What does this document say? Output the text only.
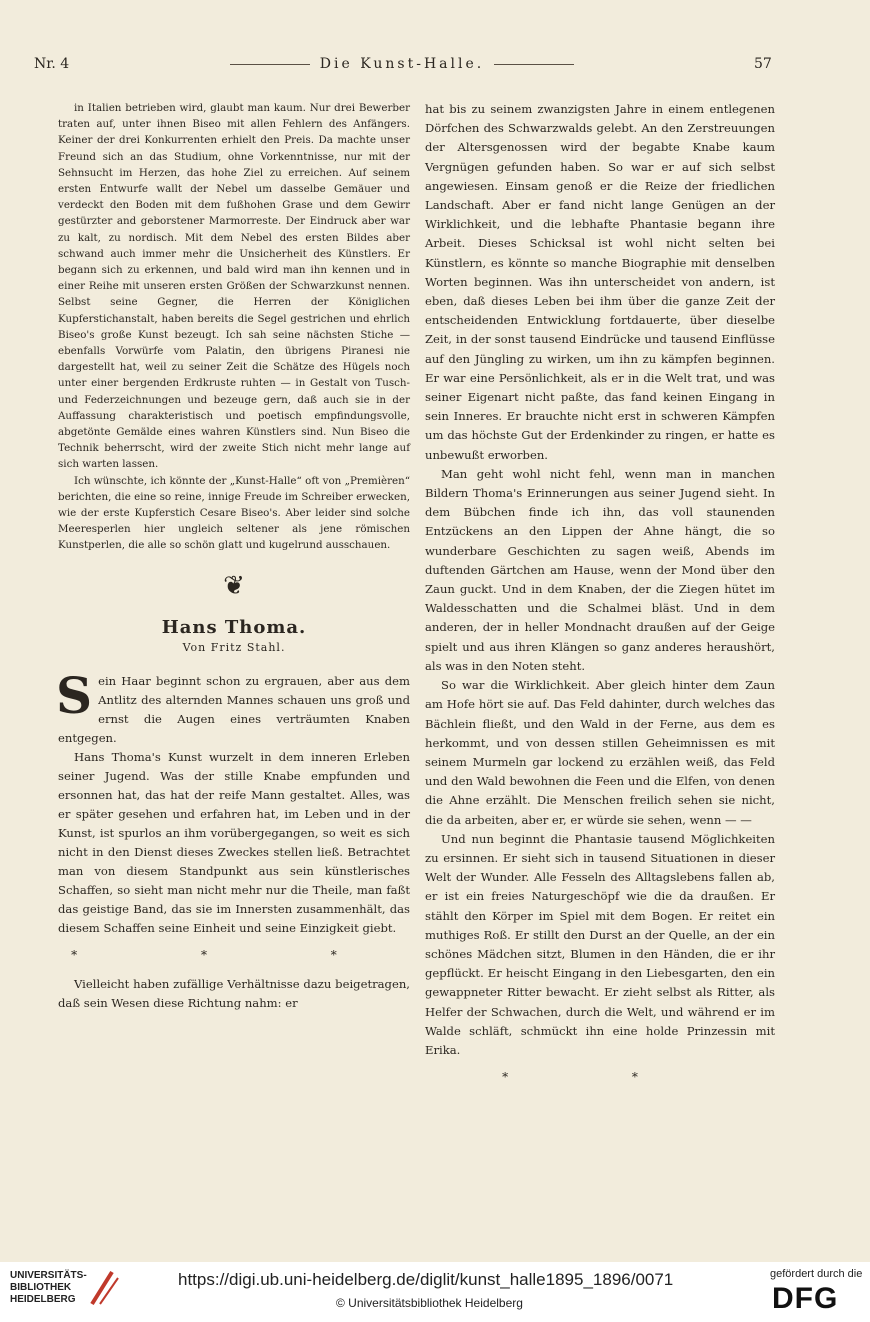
Nr. 4	Die Kunst-Halle.	57

in Italien betrieben wird, glaubt man kaum. Nur drei Bewerber traten auf, unter ihnen Biseo mit allen Fehlern des Anfängers. Keiner der drei Konkurrenten erhielt den Preis. Da machte unser Freund sich an das Studium, ohne Vorkenntnisse, nur mit der Sehnsucht im Herzen, das hohe Ziel zu erreichen. Auf seinem ersten Entwurfe wallt der Nebel um dasselbe Gemäuer und verdeckt den Boden mit dem fußhohen Grase und dem Gewirr gestürzter and geborstener Marmorreste. Der Eindruck aber war zu kalt, zu nordisch. Mit dem Nebel des ersten Bildes aber schwand auch immer mehr die Unsicherheit des Künstlers. Er begann sich zu erkennen, und bald wird man ihn kennen und in einer Reihe mit unseren ersten Größen der Schwarzkunst nennen. Selbst seine Gegner, die Herren der Königlichen Kupferstichanstalt, haben bereits die Segel gestrichen und ehrlich Biseo's große Kunst bezeugt. Ich sah seine nächsten Stiche — ebenfalls Vorwürfe vom Palatin, den übrigens Piranesi nie dargestellt hat, weil zu seiner Zeit die Schätze des Hügels noch unter einer bergenden Erdkruste ruhten — in Gestalt von Tusch- und Federzeichnungen und bezeuge gern, daß auch sie in der Auffassung charakteristisch und poetisch empfindungsvolle, abgetönte Gemälde eines wahren Künstlers sind. Nun Biseo die Technik beherrscht, wird der zweite Stich nicht mehr lange auf sich warten lassen.

Ich wünschte, ich könnte der „Kunst-Halle“ oft von „Premièren“ berichten, die eine so reine, innige Freude im Schreiber erwecken, wie der erste Kupferstich Cesare Biseo's. Aber leider sind solche Meeresperlen hier ungleich seltener als jene römischen Kunstperlen, die alle so schön glatt und kugelrund ausschauen.

❦
Hans Thoma.
Von Fritz Stahl.

Sein Haar beginnt schon zu ergrauen, aber aus dem Antlitz des alternden Mannes schauen uns groß und ernst die Augen eines verträumten Knaben entgegen.

Hans Thoma's Kunst wurzelt in dem inneren Erleben seiner Jugend. Was der stille Knabe empfunden und ersonnen hat, das hat der reife Mann gestaltet. Alles, was er später gesehen und erfahren hat, im Leben und in der Kunst, ist spurlos an ihm vorübergegangen, so weit es sich nicht in den Dienst dieses Zweckes stellen ließ. Betrachtet man von diesem Standpunkt aus sein künstlerisches Schaffen, so sieht man nicht mehr nur die Theile, man faßt das geistige Band, das sie im Innersten zusammenhält, das diesem Schaffen seine Einheit und seine Einzigkeit giebt.

* * *

Vielleicht haben zufällige Verhältnisse dazu beigetragen, daß sein Wesen diese Richtung nahm: er

hat bis zu seinem zwanzigsten Jahre in einem entlegenen Dörfchen des Schwarzwalds gelebt. An den Zerstreuungen der Altersgenossen wird der begabte Knabe kaum Vergnügen gefunden haben. So war er auf sich selbst angewiesen. Einsam genoß er die Reize der friedlichen Landschaft. Aber er fand nicht lange Genügen an der Wirklichkeit, und die lebhafte Phantasie begann ihre Arbeit. Dieses Schicksal ist wohl nicht selten bei Künstlern, es könnte so manche Biographie mit denselben Worten beginnen. Was ihn unterscheidet von andern, ist eben, daß dieses Leben bei ihm über die ganze Zeit der entscheidenden Entwicklung fortdauerte, über dieselbe Zeit, in der sonst tausend Eindrücke und tausend Einflüsse auf den Jüngling zu wirken, um ihn zu kämpfen beginnen. Er war eine Persönlichkeit, als er in die Welt trat, und was seiner Eigenart nicht paßte, das fand keinen Eingang in sein Inneres. Er brauchte nicht erst in schweren Kämpfen um das höchste Gut der Erdenkinder zu ringen, er hatte es unbewußt erworben.

Man geht wohl nicht fehl, wenn man in manchen Bildern Thoma's Erinnerungen aus seiner Jugend sieht. In dem Bübchen finde ich ihn, das voll staunenden Entzückens an den Lippen der Ahne hängt, die so wunderbare Geschichten zu sagen weiß, Abends im duftenden Gärtchen am Hause, wenn der Mond über den Zaun guckt. Und in dem Knaben, der die Ziegen hütet im Waldesschatten und die Schalmei bläst. Und in dem anderen, der in heller Mondnacht draußen auf der Geige spielt und aus ihren Klängen so ganz anderes heraushört, als was in den Noten steht.

So war die Wirklichkeit. Aber gleich hinter dem Zaun am Hofe hört sie auf. Das Feld dahinter, durch welches das Bächlein fließt, und den Wald in der Ferne, aus dem es herkommt, und von dessen stillen Geheimnissen es mit seinem Murmeln gar lockend zu erzählen weiß, das Feld und den Wald bewohnen die Feen und die Elfen, von denen die Ahne erzählt. Die Menschen freilich sehen sie nicht, die da arbeiten, aber er, er würde sie sehen, wenn — —

Und nun beginnt die Phantasie tausend Möglichkeiten zu ersinnen. Er sieht sich in tausend Situationen in dieser Welt der Wunder. Alle Fesseln des Alltagslebens fallen ab, er ist ein freies Naturgeschöpf wie die da draußen. Er stählt den Körper im Spiel mit dem Bogen. Er reitet ein muthiges Roß. Er stillt den Durst an der Quelle, an der ein schönes Mädchen sitzt, Blumen in den Händen, die er ihr gepflückt. Er heischt Eingang in den Liebesgarten, den ein gewappneter Ritter bewacht. Er zieht selbst als Ritter, als Helfer der Schwachen, durch die Welt, und während er im Walde schläft, schmückt ihn eine holde Prinzessin mit Erika.

* *
UNIVERSITÄTS-
BIBLIOTHEK
HEIDELBERG
https://digi.ub.uni-heidelberg.de/diglit/kunst_halle1895_1896/0071
© Universitätsbibliothek Heidelberg
gefördert durch die
DFG
